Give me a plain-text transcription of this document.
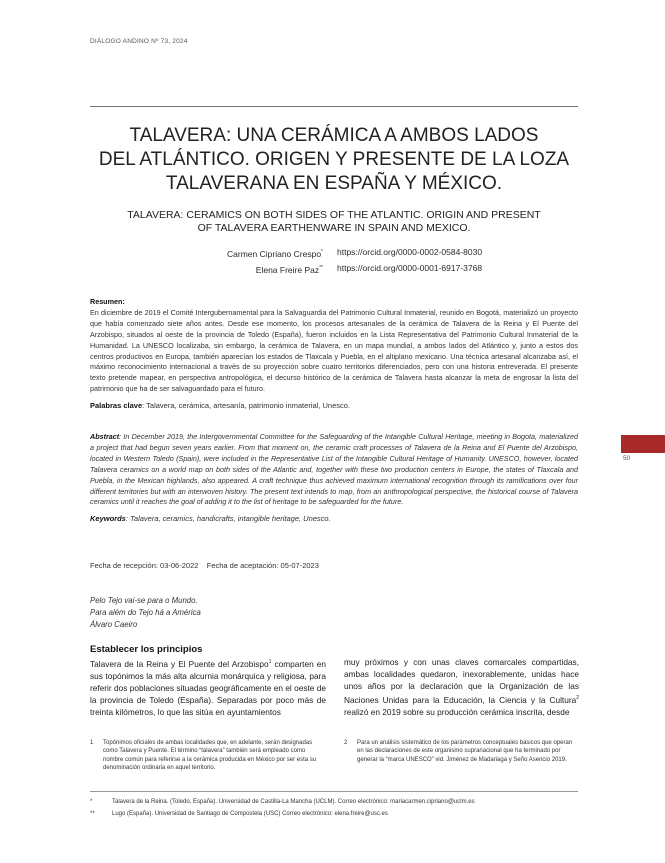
DIÁLOGO ANDINO Nº 73, 2024
TALAVERA: UNA CERÁMICA A AMBOS LADOS
DEL ATLÁNTICO. ORIGEN Y PRESENTE DE LA LOZA
TALAVERANA EN ESPAÑA Y MÉXICO.
TALAVERA: CERAMICS ON BOTH SIDES OF THE ATLANTIC. ORIGIN AND PRESENT
OF TALAVERA EARTHENWARE IN SPAIN AND MEXICO.
Carmen Cipriano Crespo*	https://orcid.org/0000-0002-0584-8030
Elena Freire Paz**	https://orcid.org/0000-0001-6917-3768
Resumen:
En diciembre de 2019 el Comité Intergubernamental para la Salvaguardia del Patrimonio Cultural Inmaterial, reunido en Bogotá, materializó un proyecto que había comenzado siete años antes. Desde ese momento, los procesos artesanales de la cerámica de Talavera de la Reina y El Puente del Arzobispo, situados al oeste de la provincia de Toledo (España), fueron incluidos en la Lista Representativa del Patrimonio Cultural Inmaterial de la Humanidad. La UNESCO localizaba, sin embargo, la cerámica de Talavera, en un mapa mundial, a ambos lados del Atlántico y, junto a estos dos centros productivos en Europa, también aparecían los estados de Tlaxcala y Puebla, en el altiplano mexicano. Una técnica artesanal alcanzaba así, el máximo reconocimiento internacional a través de su proyección sobre cuatro territorios diferenciados, pero con una historia entreverada. El presente texto pretende mapear, en perspectiva antropológica, el decurso histórico de la cerámica de Talavera hasta alcanzar la meta de engrosar la lista del patrimonio que ha de ser salvaguardado para el futuro.
Palabras clave: Talavera, cerámica, artesanía, patrimonio inmaterial, Unesco.
Abstract: In December 2019, the Intergovernmental Committee for the Safeguarding of the Intangible Cultural Heritage, meeting in Bogota, materialized a project that had begun seven years earlier. From that moment on, the ceramic craft processes of Talavera de la Reina and El Puente del Arzobispo, located in Western Toledo (Spain), were included in the Representative List of the Intangible Cultural Heritage of Humanity. UNESCO, however, located Talavera ceramics on a world map on both sides of the Atlantic and, together with these two production centers in Europe, the states of Tlaxcala and Puebla, in the Mexican highlands, also appeared. A craft technique thus achieved maximum international recognition through its ramifications over four different territories but with an interwoven history. The present text intends to map, from an anthropological perspective, the historical course of Talavera ceramics until it reaches the goal of adding it to the list of heritage to be safeguarded for the future.
Keywords: Talavera, ceramics, handicrafts, intangible heritage, Unesco.
Fecha de recepción: 03-06-2022    Fecha de aceptación: 05-07-2023
Pelo Tejo vai-se para o Mundo.
Para além do Tejo há a América
Álvaro Caeiro
Establecer los principios
Talavera de la Reina y El Puente del Arzobispo$^1$ comparten en sus topónimos la más alta alcurnia monárquica y religiosa, para referir dos poblaciones situadas geográficamente en el oeste de la provincia de Toledo (España). Separadas por poco más de treinta kilómetros, lo que las sitúa en ayuntamientos
muy próximos y con unas claves comarcales compartidas, ambas localidades quedaron, inexorablemente, unidas hace unos años por la declaración que la Organización de las Naciones Unidas para la Educación, la Ciencia y la Cultura$^2$ realizó en 2019 sobre su producción cerámica inscrita, desde
1	Topónimos oficiales de ambas localidades que, en adelante, serán designadas como Talavera y Puente. El término “talavera” también será empleado como nombre común para referirse a la cerámica producida en México por ser esta su denominación ordinaria en aquel territorio.
2	Para un análisis sistemático de los parámetros conceptuales básicos que operan en las declaraciones de este organismo supranacional que ha terminado por generar la “marca UNESCO” vid. Jiménez de Madariaga y Seño Asencio 2019.
*	Talavera de la Reina. (Toledo, España). Universidad de Castilla-La Mancha (UCLM). Correo electrónico: mariacarmen.cipriano@uclm.es
**	Lugo (España). Universidad de Santiago de Compostela (USC) Correo electrónico: elena.freire@usc.es
50
